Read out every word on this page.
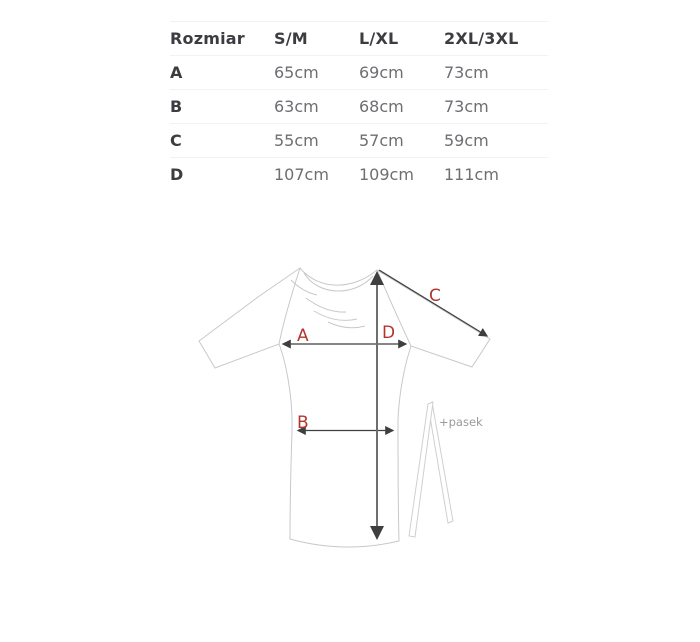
Rozmiar	S/M	L/XL	2XL/3XL
A	65cm	69cm	73cm
B	63cm	68cm	73cm
C	55cm	57cm	59cm
D	107cm	109cm	111cm
+pasek
A
B
C
D
